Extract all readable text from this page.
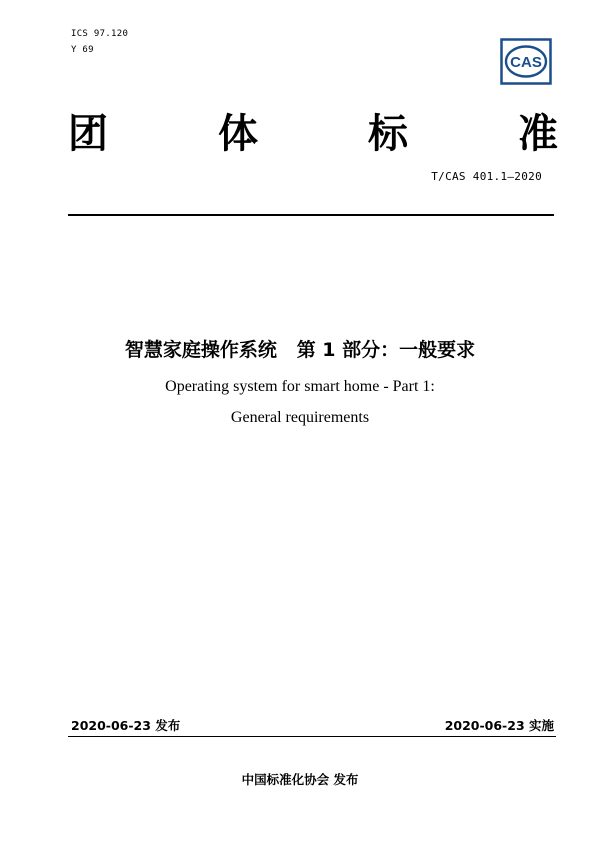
ICS 97.120
Y 69
CAS
团	体	标	准
T/CAS 401.1—2020
智慧家庭操作系统   第 1 部分：一般要求
Operating system for smart home - Part 1:
General requirements
2020-06-23 发布	2020-06-23 实施
中国标准化协会 发布
